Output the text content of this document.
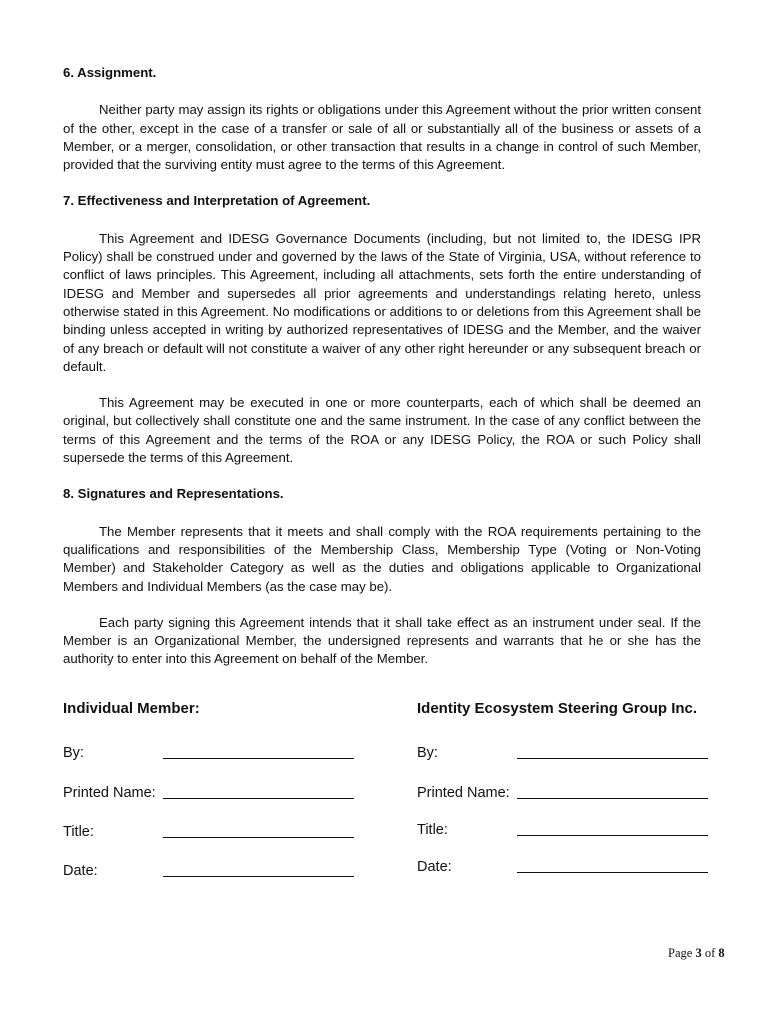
6. Assignment.

Neither party may assign its rights or obligations under this Agreement without the prior written consent of the other, except in the case of a transfer or sale of all or substantially all of the business or assets of a Member, or a merger, consolidation, or other transaction that results in a change in control of such Member, provided that the surviving entity must agree to the terms of this Agreement.

7. Effectiveness and Interpretation of Agreement.

This Agreement and IDESG Governance Documents (including, but not limited to, the IDESG IPR Policy) shall be construed under and governed by the laws of the State of Virginia, USA, without reference to conflict of laws principles. This Agreement, including all attachments, sets forth the entire understanding of IDESG and Member and supersedes all prior agreements and understandings relating hereto, unless otherwise stated in this Agreement. No modifications or additions to or deletions from this Agreement shall be binding unless accepted in writing by authorized representatives of IDESG and the Member, and the waiver of any breach or default will not constitute a waiver of any other right hereunder or any subsequent breach or default.

This Agreement may be executed in one or more counterparts, each of which shall be deemed an original, but collectively shall constitute one and the same instrument. In the case of any conflict between the terms of this Agreement and the terms of the ROA or any IDESG Policy, the ROA or such Policy shall supersede the terms of this Agreement.

8. Signatures and Representations.

The Member represents that it meets and shall comply with the ROA requirements pertaining to the qualifications and responsibilities of the Membership Class, Membership Type (Voting or Non-Voting Member) and Stakeholder Category as well as the duties and obligations applicable to Organizational Members and Individual Members (as the case may be).

Each party signing this Agreement intends that it shall take effect as an instrument under seal. If the Member is an Organizational Member, the undersigned represents and warrants that he or she has the authority to enter into this Agreement on behalf of the Member.

Individual Member:
By:
Printed Name:
Title:
Date:
Identity Ecosystem Steering Group Inc.
By:
Printed Name:
Title:
Date:
Page 3 of 8
